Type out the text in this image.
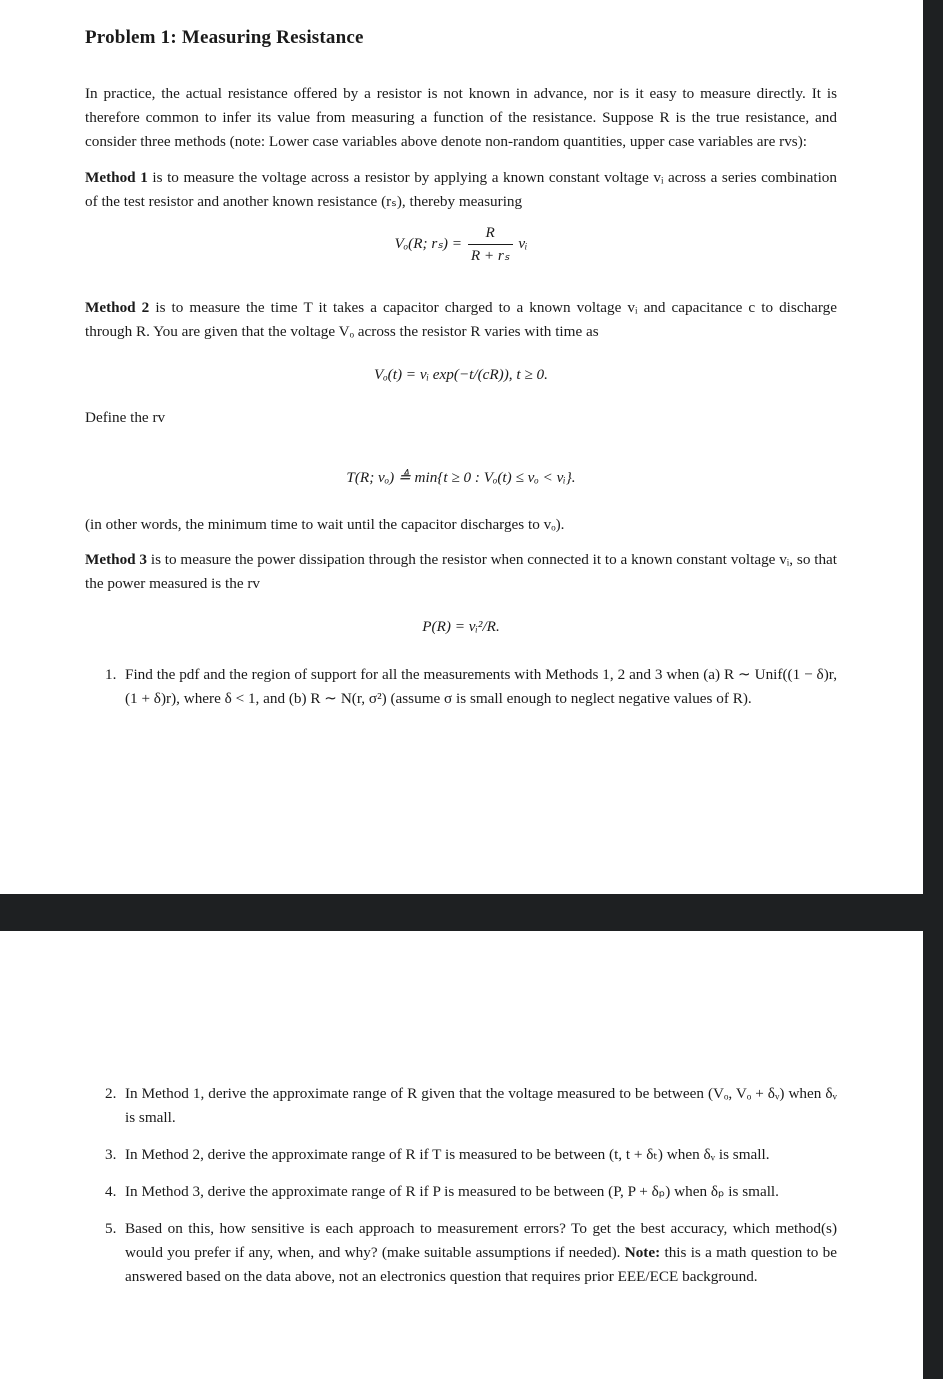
Problem 1: Measuring Resistance

In practice, the actual resistance offered by a resistor is not known in advance, nor is it easy to measure directly. It is therefore common to infer its value from measuring a function of the resistance. Suppose R is the true resistance, and consider three methods (note: Lower case variables above denote non-random quantities, upper case variables are rvs):

Method 1 is to measure the voltage across a resistor by applying a known constant voltage vᵢ across a series combination of the test resistor and another known resistance (rₛ), thereby measuring

Vₒ(R; $r_s) = \frac{R}{\text{R + rₛ}}$ vᵢ

Method 2 is to measure the time T it takes a capacitor charged to a known voltage vᵢ and capacitance c to discharge through R. You are given that the voltage Vₒ across the resistor R varies with time as

Vₒ(t) = vᵢ exp(−t/(cR)), t ≥ 0.

Define the rv

T(R; vₒ) ≜ min{t ≥ 0 : Vₒ(t) ≤ vₒ < vᵢ}.

(in other words, the minimum time to wait until the capacitor discharges to vₒ).

Method 3 is to measure the power dissipation through the resistor when connected it to a known constant voltage vᵢ, so that the power measured is the rv

P(R) = vᵢ²/R.
1. Find the pdf and the region of support for all the measurements with Methods 1, 2 and 3 when (a) R ∼ Unif((1 − δ)r, (1 + δ)r), where δ < 1, and (b) R ∼ N(r, σ²) (assume σ is small enough to neglect negative values of R).
2. In Method 1, derive the approximate range of R given that the voltage measured to be between (Vₒ, Vₒ + δᵥ) when δᵥ is small.
3. In Method 2, derive the approximate range of R if T is measured to be between (t, t + δₜ) when δᵥ is small.
4. In Method 3, derive the approximate range of R if P is measured to be between (P, P + δₚ) when δₚ is small.
5. Based on this, how sensitive is each approach to measurement errors? To get the best accuracy, which method(s) would you prefer if any, when, and why? (make suitable assumptions if needed). Note: this is a math question to be answered based on the data above, not an electronics question that requires prior EEE/ECE background.
